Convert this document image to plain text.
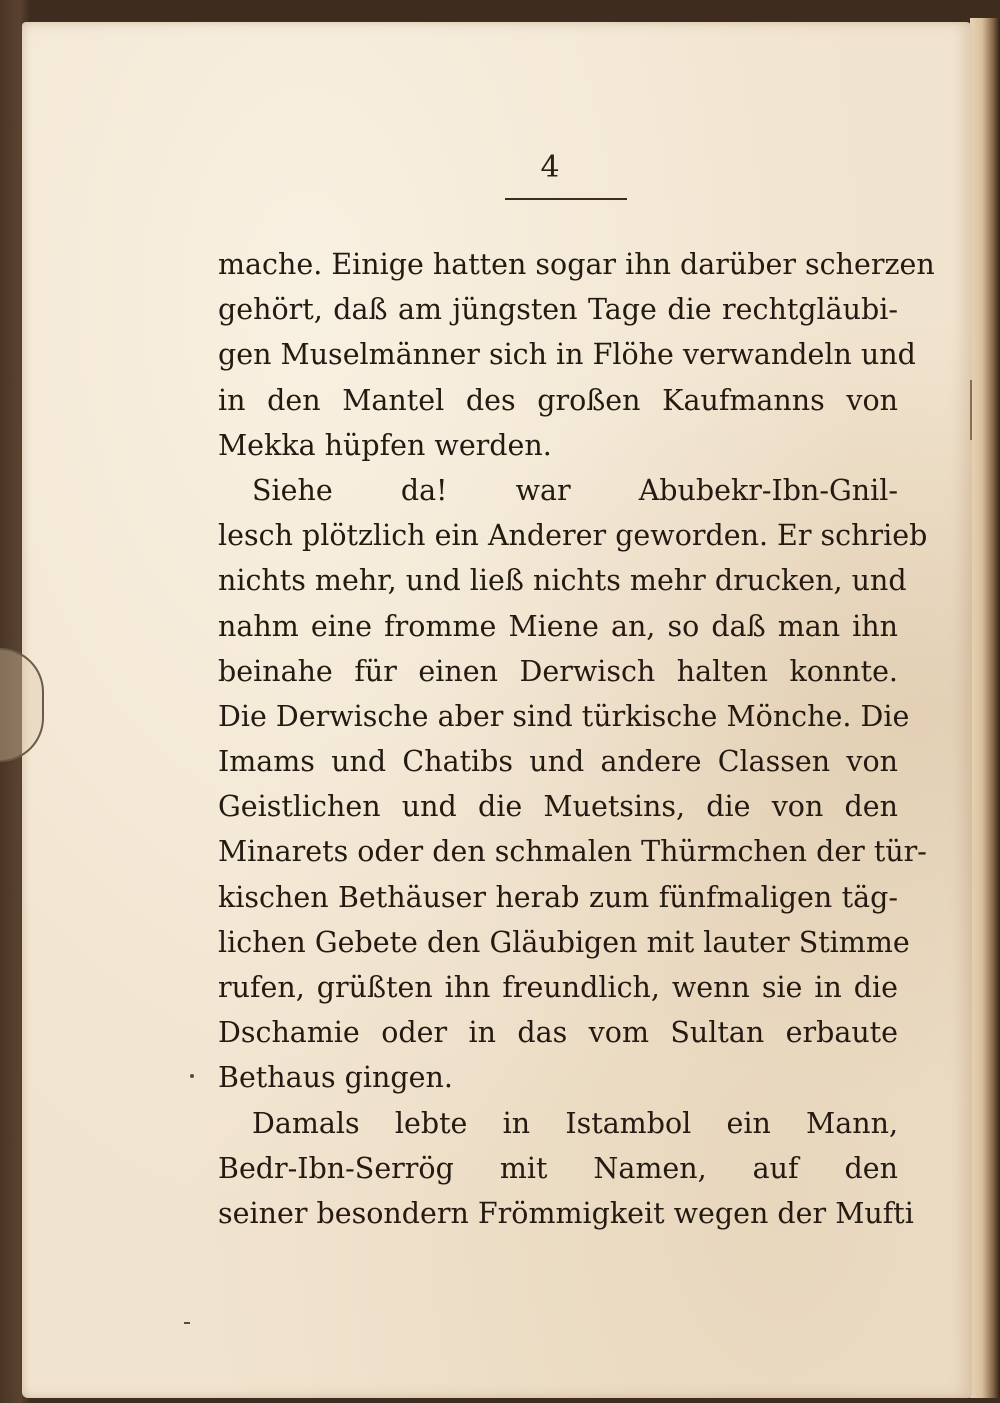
4
mache. Einige hatten sogar ihn darüber scherzen
gehört, daß am jüngsten Tage die rechtgläubi-
gen Muselmänner sich in Flöhe verwandeln und
in den Mantel des großen Kaufmanns von
Mekka hüpfen werden.
Siehe da! war Abubekr-Ibn-Gnil-
lesch plötzlich ein Anderer geworden. Er schrieb
nichts mehr, und ließ nichts mehr drucken, und
nahm eine fromme Miene an, so daß man ihn
beinahe für einen Derwisch halten konnte.
Die Derwische aber sind türkische Mönche. Die
Imams und Chatibs und andere Classen von
Geistlichen und die Muetsins, die von den
Minarets oder den schmalen Thürmchen der tür-
kischen Bethäuser herab zum fünfmaligen täg-
lichen Gebete den Gläubigen mit lauter Stimme
rufen, grüßten ihn freundlich, wenn sie in die
Dschamie oder in das vom Sultan erbaute
Bethaus gingen.
Damals lebte in Istambol ein Mann,
Bedr-Ibn-Serrög mit Namen, auf den
seiner besondern Frömmigkeit wegen der Mufti
